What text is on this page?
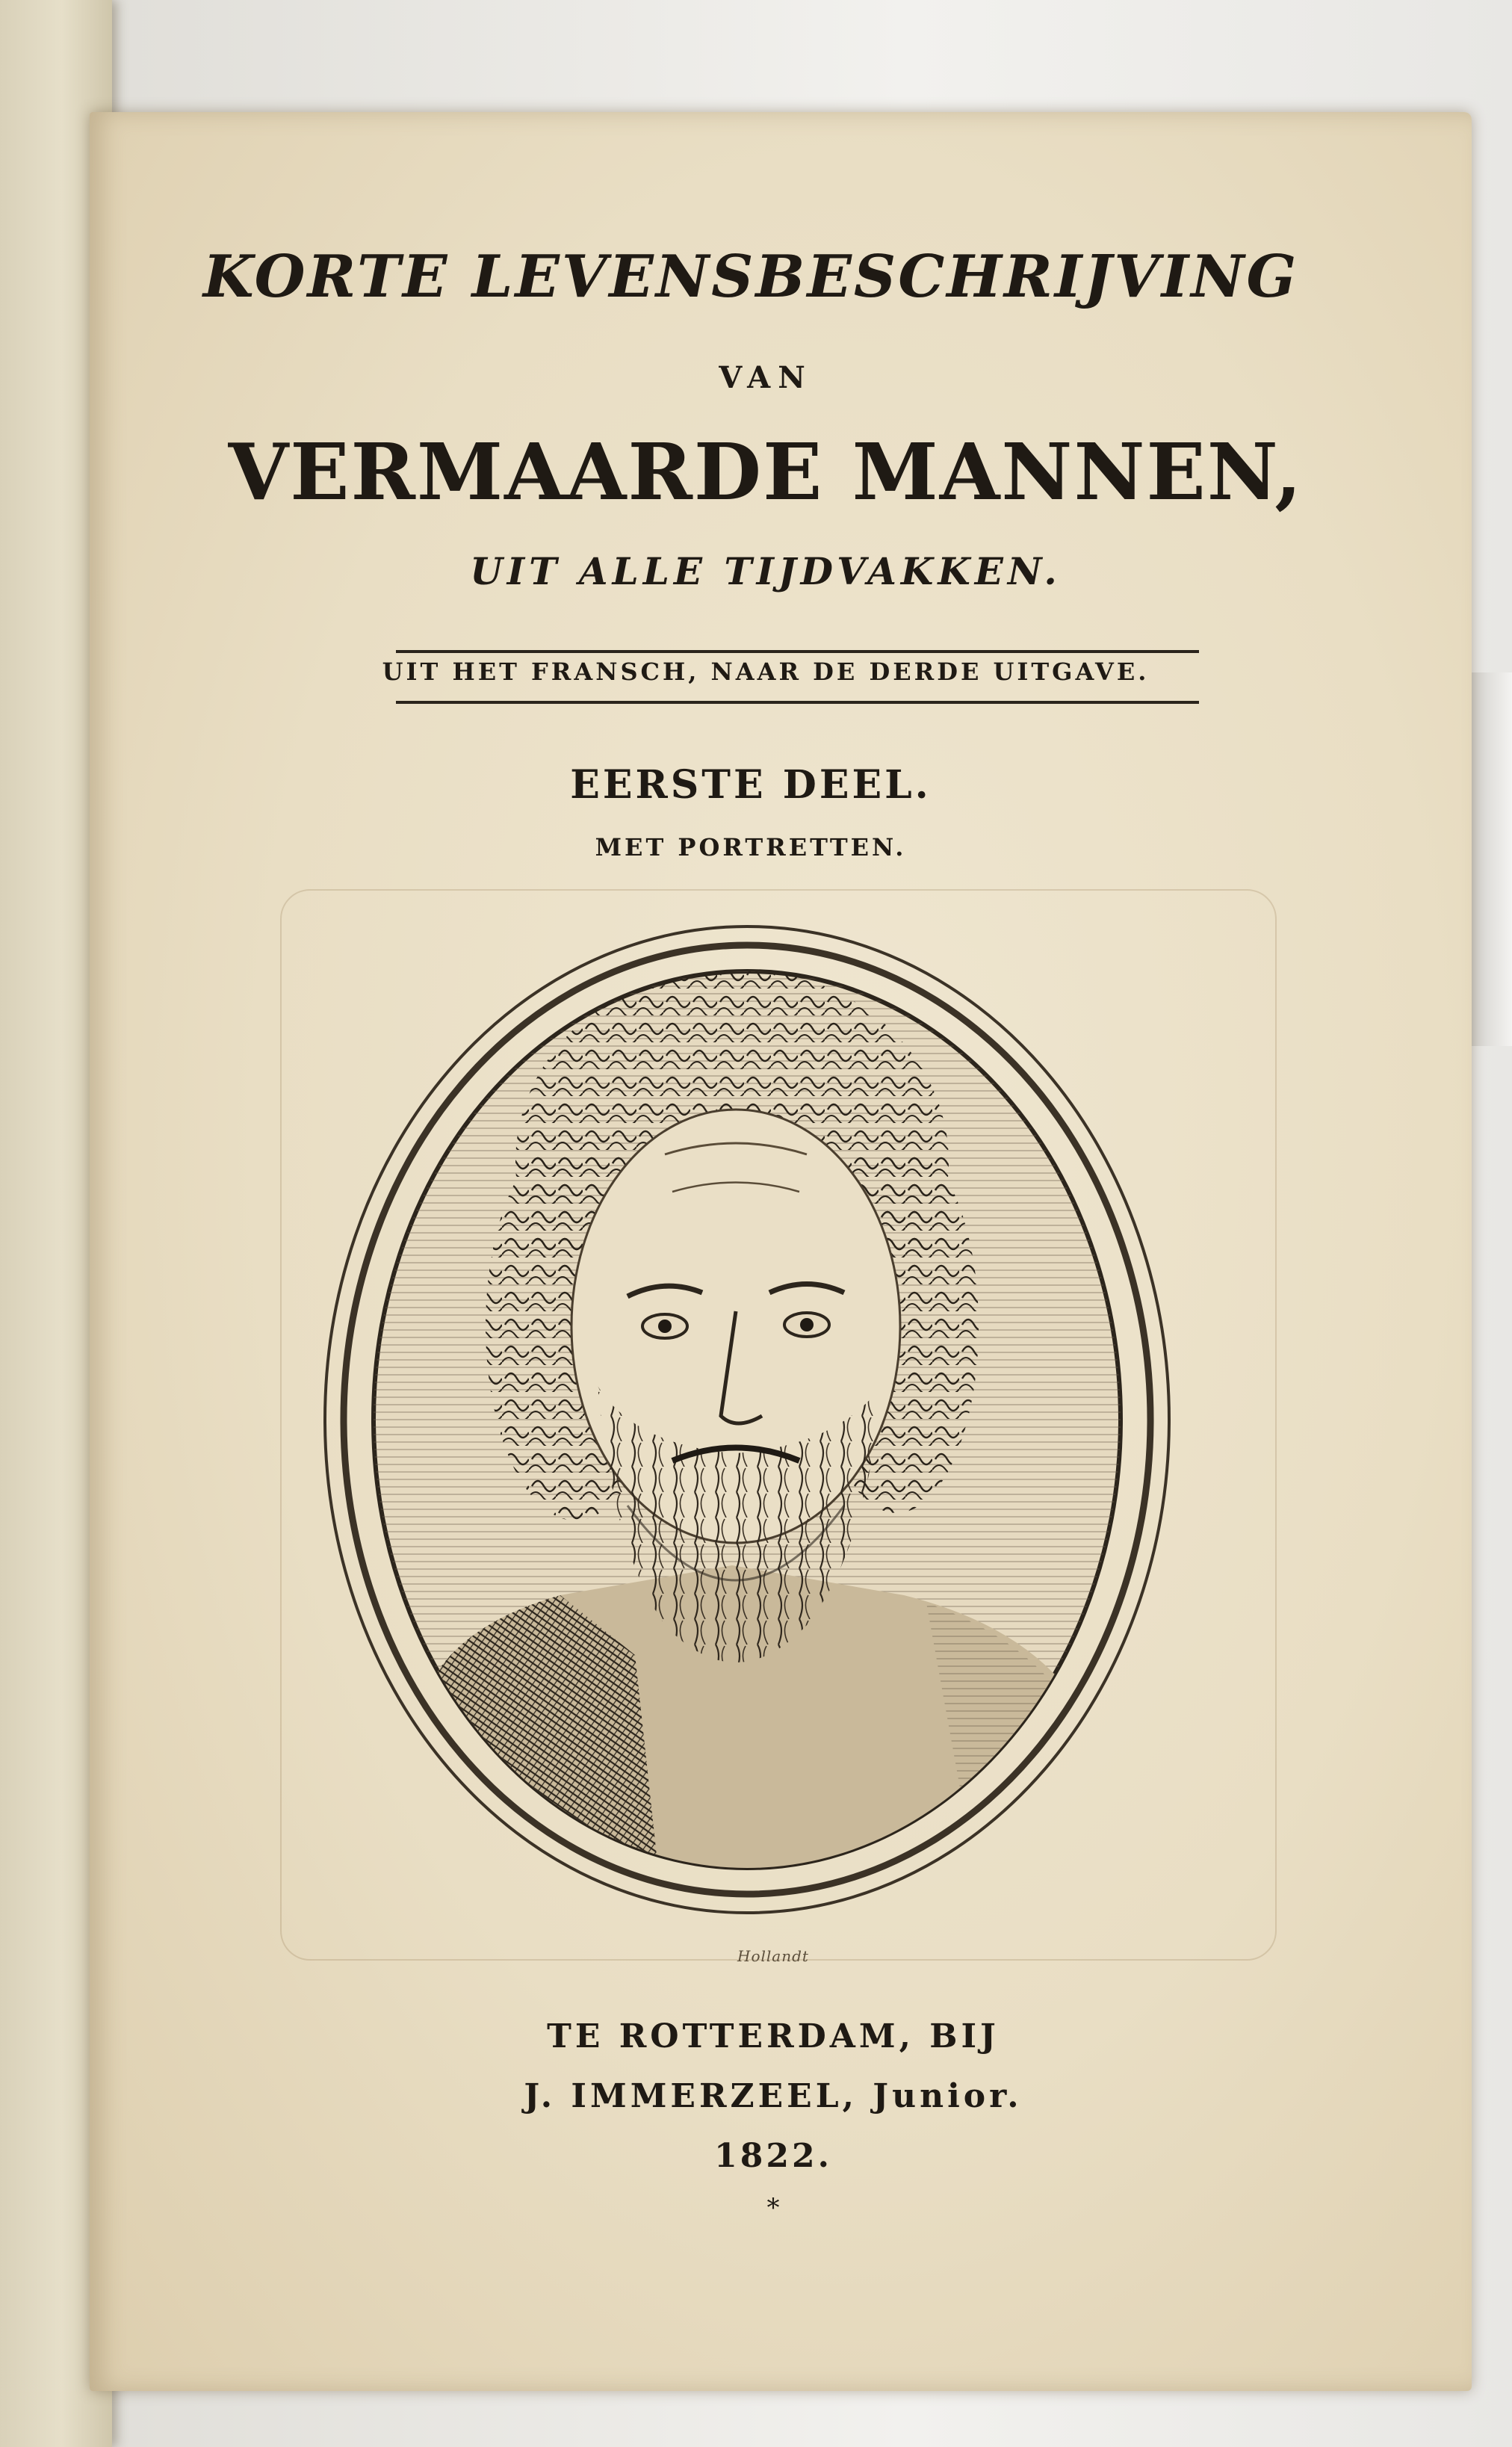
KORTE LEVENSBESCHRIJVING

VAN

VERMAARDE MANNEN,

UIT ALLE TIJDVAKKEN.

UIT HET FRANSCH, NAAR DE DERDE UITGAVE.

EERSTE DEEL.

MET PORTRETTEN.

Hollandt

TE ROTTERDAM, BIJ

J. IMMERZEEL, Junior.

1822.

*
